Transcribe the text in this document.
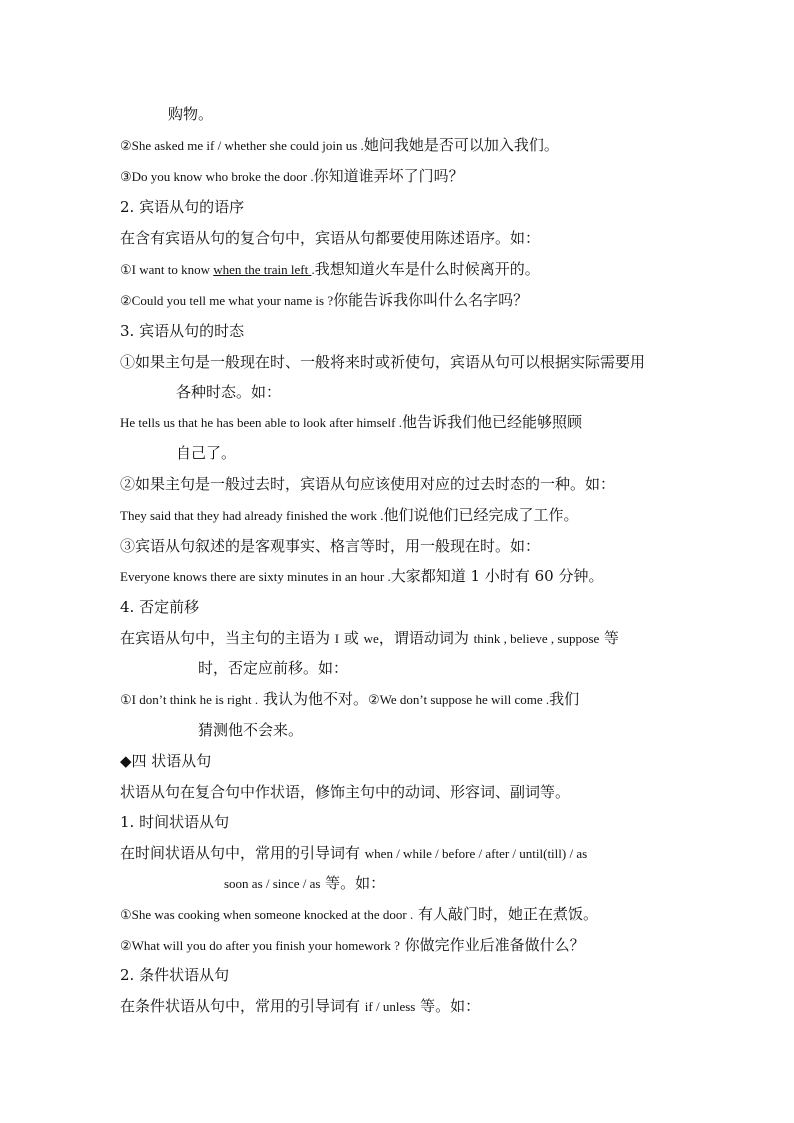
购物。
②She asked me if / whether she could join us .她问我她是否可以加入我们。
③Do you know who broke the door .你知道谁弄坏了门吗？
2. 宾语从句的语序
在含有宾语从句的复合句中，宾语从句都要使用陈述语序。如：
①I want to know when the train left .我想知道火车是什么时候离开的。
②Could you tell me what your name is ?你能告诉我你叫什么名字吗？
3. 宾语从句的时态
①如果主句是一般现在时、一般将来时或祈使句，宾语从句可以根据实际需要用
各种时态。如：
He tells us that he has been able to look after himself .他告诉我们他已经能够照顾
自己了。
②如果主句是一般过去时，宾语从句应该使用对应的过去时态的一种。如：
They said that they had already finished the work .他们说他们已经完成了工作。
③宾语从句叙述的是客观事实、格言等时，用一般现在时。如：
Everyone knows there are sixty minutes in an hour .大家都知道 1 小时有 60 分钟。
4. 否定前移
在宾语从句中，当主句的主语为 I 或 we，谓语动词为 think , believe , suppose 等
时，否定应前移。如：
①I don’t think he is right . 我认为他不对。②We don’t suppose he will come .我们
猜测他不会来。
◆四 状语从句
状语从句在复合句中作状语，修饰主句中的动词、形容词、副词等。
1. 时间状语从句
在时间状语从句中，常用的引导词有 when / while / before / after / until(till) / as
soon as / since / as 等。如：
①She was cooking when someone knocked at the door . 有人敲门时，她正在煮饭。
②What will you do after you finish your homework ? 你做完作业后准备做什么？
2. 条件状语从句
在条件状语从句中，常用的引导词有 if / unless 等。如：
